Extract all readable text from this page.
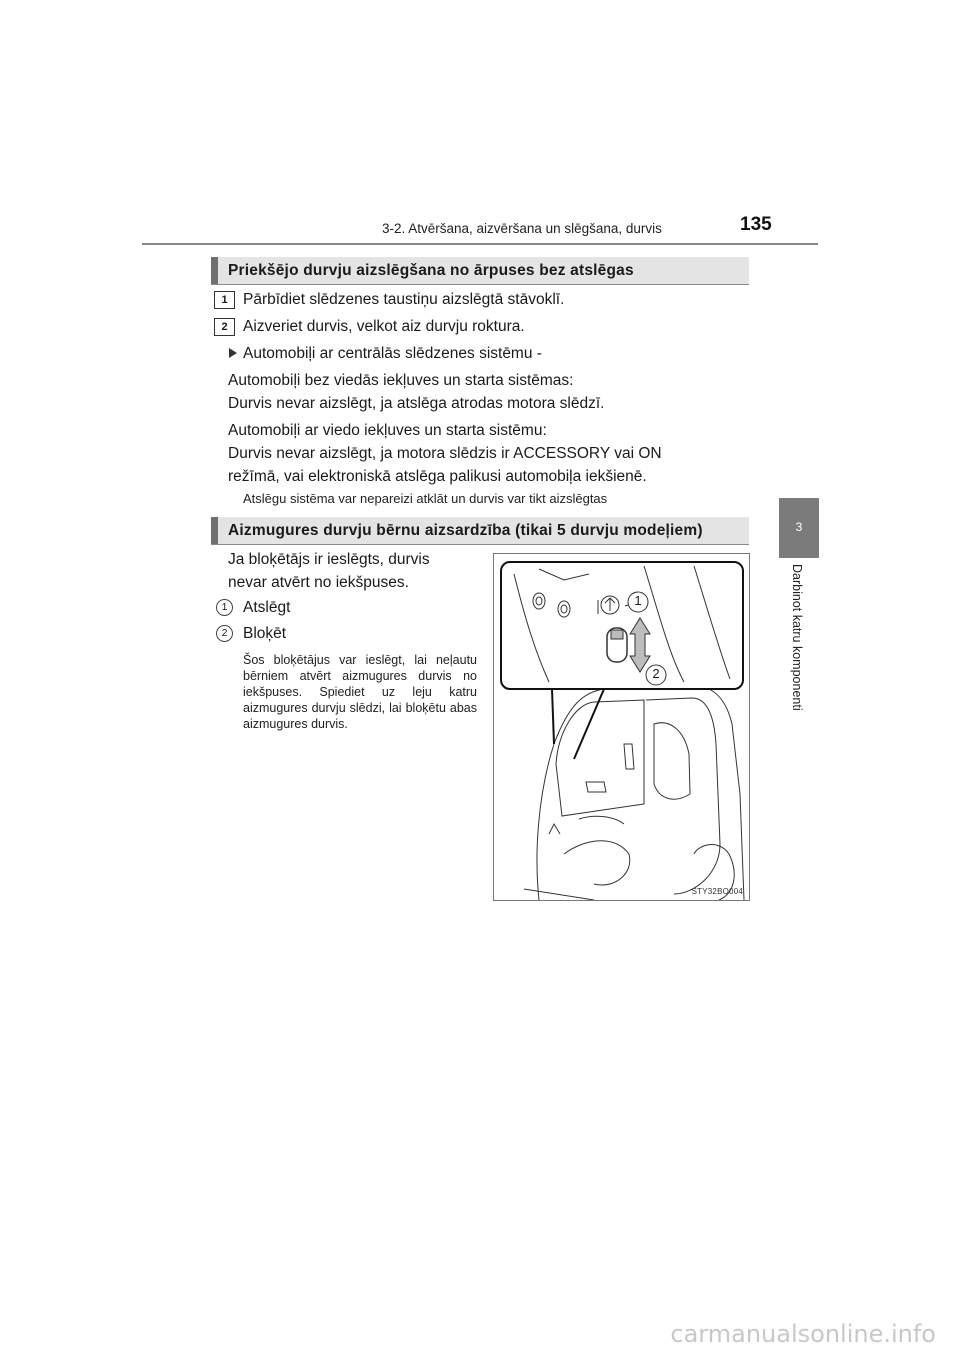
3-2. Atvēršana, aizvēršana un slēgšana, durvis	135
3
Darbinot katru komponenti
Priekšējo durvju aizslēgšana no ārpuses bez atslēgas
1 Pārbīdiet slēdzenes taustiņu aizslēgtā stāvoklī.
2 Aizveriet durvis, velkot aiz durvju roktura.
Automobiļi ar centrālās slēdzenes sistēmu -
Automobiļi bez viedās iekļuves un starta sistēmas:
Durvis nevar aizslēgt, ja atslēga atrodas motora slēdzī.
Automobiļi ar viedo iekļuves un starta sistēmu:
Durvis nevar aizslēgt, ja motora slēdzis ir ACCESSORY vai ON
režīmā, vai elektroniskā atslēga palikusi automobiļa iekšienē.
Atslēgu sistēma var nepareizi atklāt un durvis var tikt aizslēgtas
Aizmugures durvju bērnu aizsardzība (tikai 5 durvju modeļiem)
Ja bloķētājs ir ieslēgts, durvis
nevar atvērt no iekšpuses.
1	Atslēgt
2	Bloķēt
Šos bloķētājus var ieslēgt, lai neļautu bērniem atvērt aizmugures durvis no iekšpuses. Spiediet uz leju katru aizmugures durvju slēdzi, lai bloķētu abas aizmugures durvis.
1
2
STY32BO004
carmanualsonline.info
